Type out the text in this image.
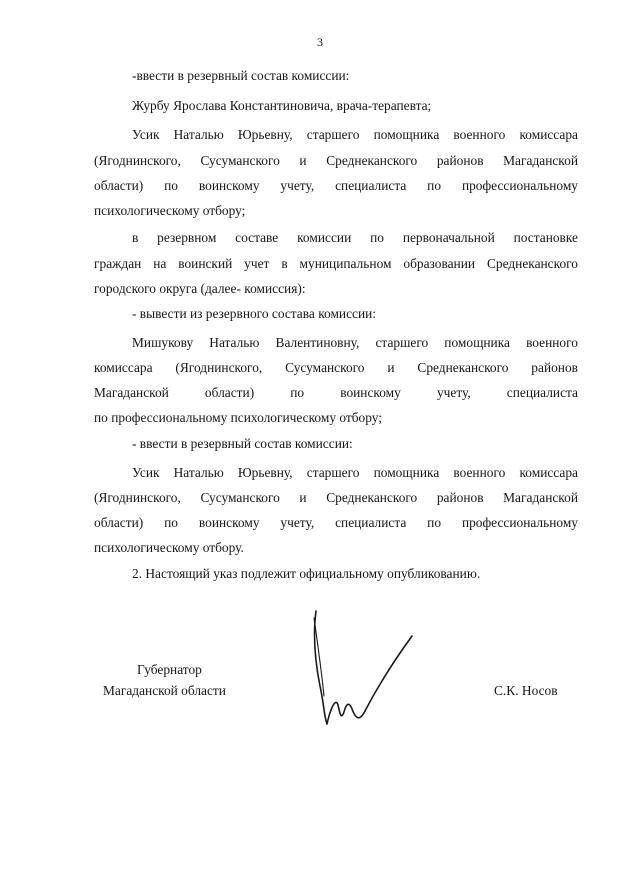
3
-ввести в резервный состав комиссии:
Журбу Ярослава Константиновича, врача-терапевта;
Усик Наталью Юрьевну, старшего помощника военного комиссара
(Ягоднинского, Сусуманского и Среднеканского районов Магаданской
области) по воинскому учету, специалиста по профессиональному
психологическому отбору;
в резервном составе комиссии по первоначальной постановке
граждан на воинский учет в муниципальном образовании Среднеканского
городского округа (далее- комиссия):
- вывести из резервного состава комиссии:
Мишукову Наталью Валентиновну, старшего помощника военного
комиссара (Ягоднинского, Сусуманского и Среднеканского районов
Магаданской области) по воинскому учету, специалиста
по профессиональному психологическому отбору;
- ввести в резервный состав комиссии:
Усик Наталью Юрьевну, старшего помощника военного комиссара
(Ягоднинского, Сусуманского и Среднеканского районов Магаданской
области) по воинскому учету, специалиста по профессиональному
психологическому отбору.
2. Настоящий указ подлежит официальному опубликованию.
Губернатор
Магаданской области	С.К. Носов
